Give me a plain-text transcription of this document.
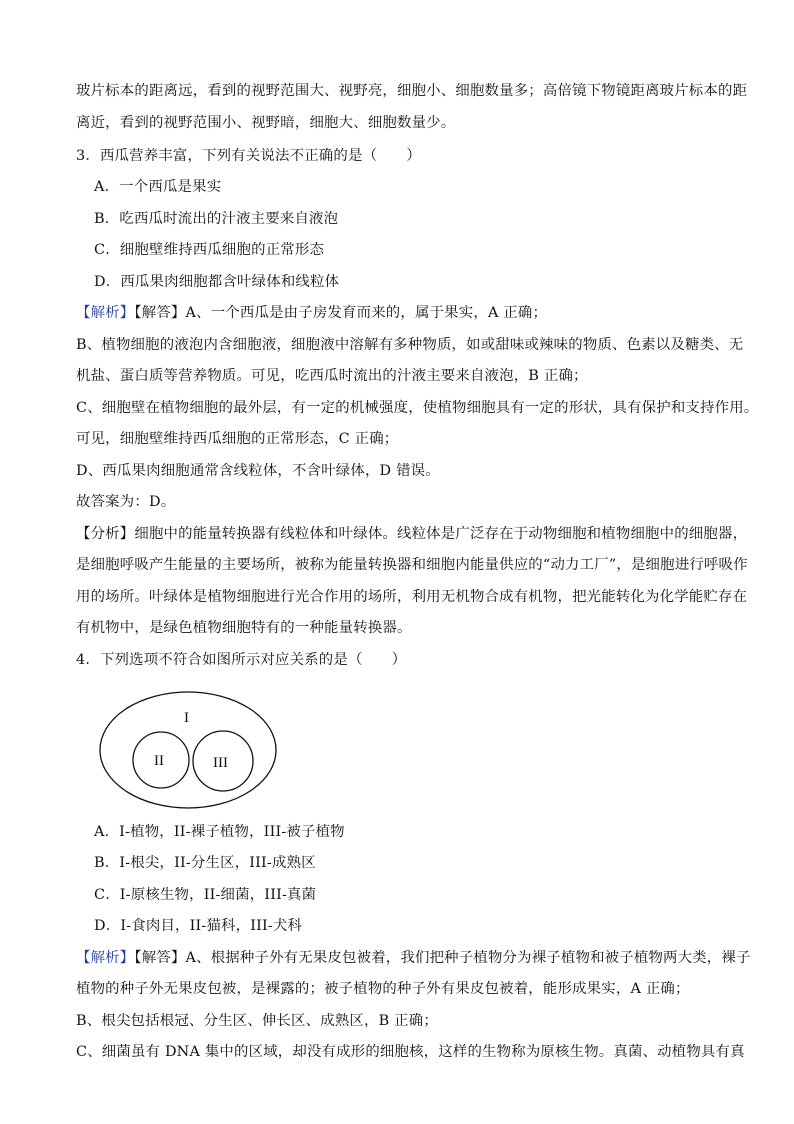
玻片标本的距离远，看到的视野范围大、视野亮，细胞小、细胞数量多；高倍镜下物镜距离玻片标本的距
离近，看到的视野范围小、视野暗，细胞大、细胞数量少。
3．西瓜营养丰富，下列有关说法不正确的是（　　）
A．一个西瓜是果实
B．吃西瓜时流出的汁液主要来自液泡
C．细胞壁维持西瓜细胞的正常形态
D．西瓜果肉细胞都含叶绿体和线粒体
【解析】【解答】A、一个西瓜是由子房发育而来的，属于果实，A 正确；
B、植物细胞的液泡内含细胞液，细胞液中溶解有多种物质，如或甜味或辣味的物质、色素以及糖类、无
机盐、蛋白质等营养物质。可见，吃西瓜时流出的汁液主要来自液泡，B 正确；
C、细胞壁在植物细胞的最外层，有一定的机械强度，使植物细胞具有一定的形状，具有保护和支持作用。
可见，细胞壁维持西瓜细胞的正常形态，C 正确；
D、西瓜果肉细胞通常含线粒体，不含叶绿体，D 错误。
故答案为：D。
【分析】细胞中的能量转换器有线粒体和叶绿体。线粒体是广泛存在于动物细胞和植物细胞中的细胞器，
是细胞呼吸产生能量的主要场所，被称为能量转换器和细胞内能量供应的“动力工厂”，是细胞进行呼吸作
用的场所。叶绿体是植物细胞进行光合作用的场所，利用无机物合成有机物，把光能转化为化学能贮存在
有机物中，是绿色植物细胞特有的一种能量转换器。
4．下列选项不符合如图所示对应关系的是（　　）
I
II	III
A．I-植物，II-裸子植物，III-被子植物
B．I-根尖，II-分生区，III-成熟区
C．I-原核生物，II-细菌，III-真菌
D．I-食肉目，II-猫科，III-犬科
【解析】【解答】A、根据种子外有无果皮包被着，我们把种子植物分为裸子植物和被子植物两大类，裸子
植物的种子外无果皮包被，是裸露的；被子植物的种子外有果皮包被着，能形成果实，A 正确；
B、根尖包括根冠、分生区、伸长区、成熟区，B 正确；
C、细菌虽有 DNA 集中的区域，却没有成形的细胞核，这样的生物称为原核生物。真菌、动植物具有真
